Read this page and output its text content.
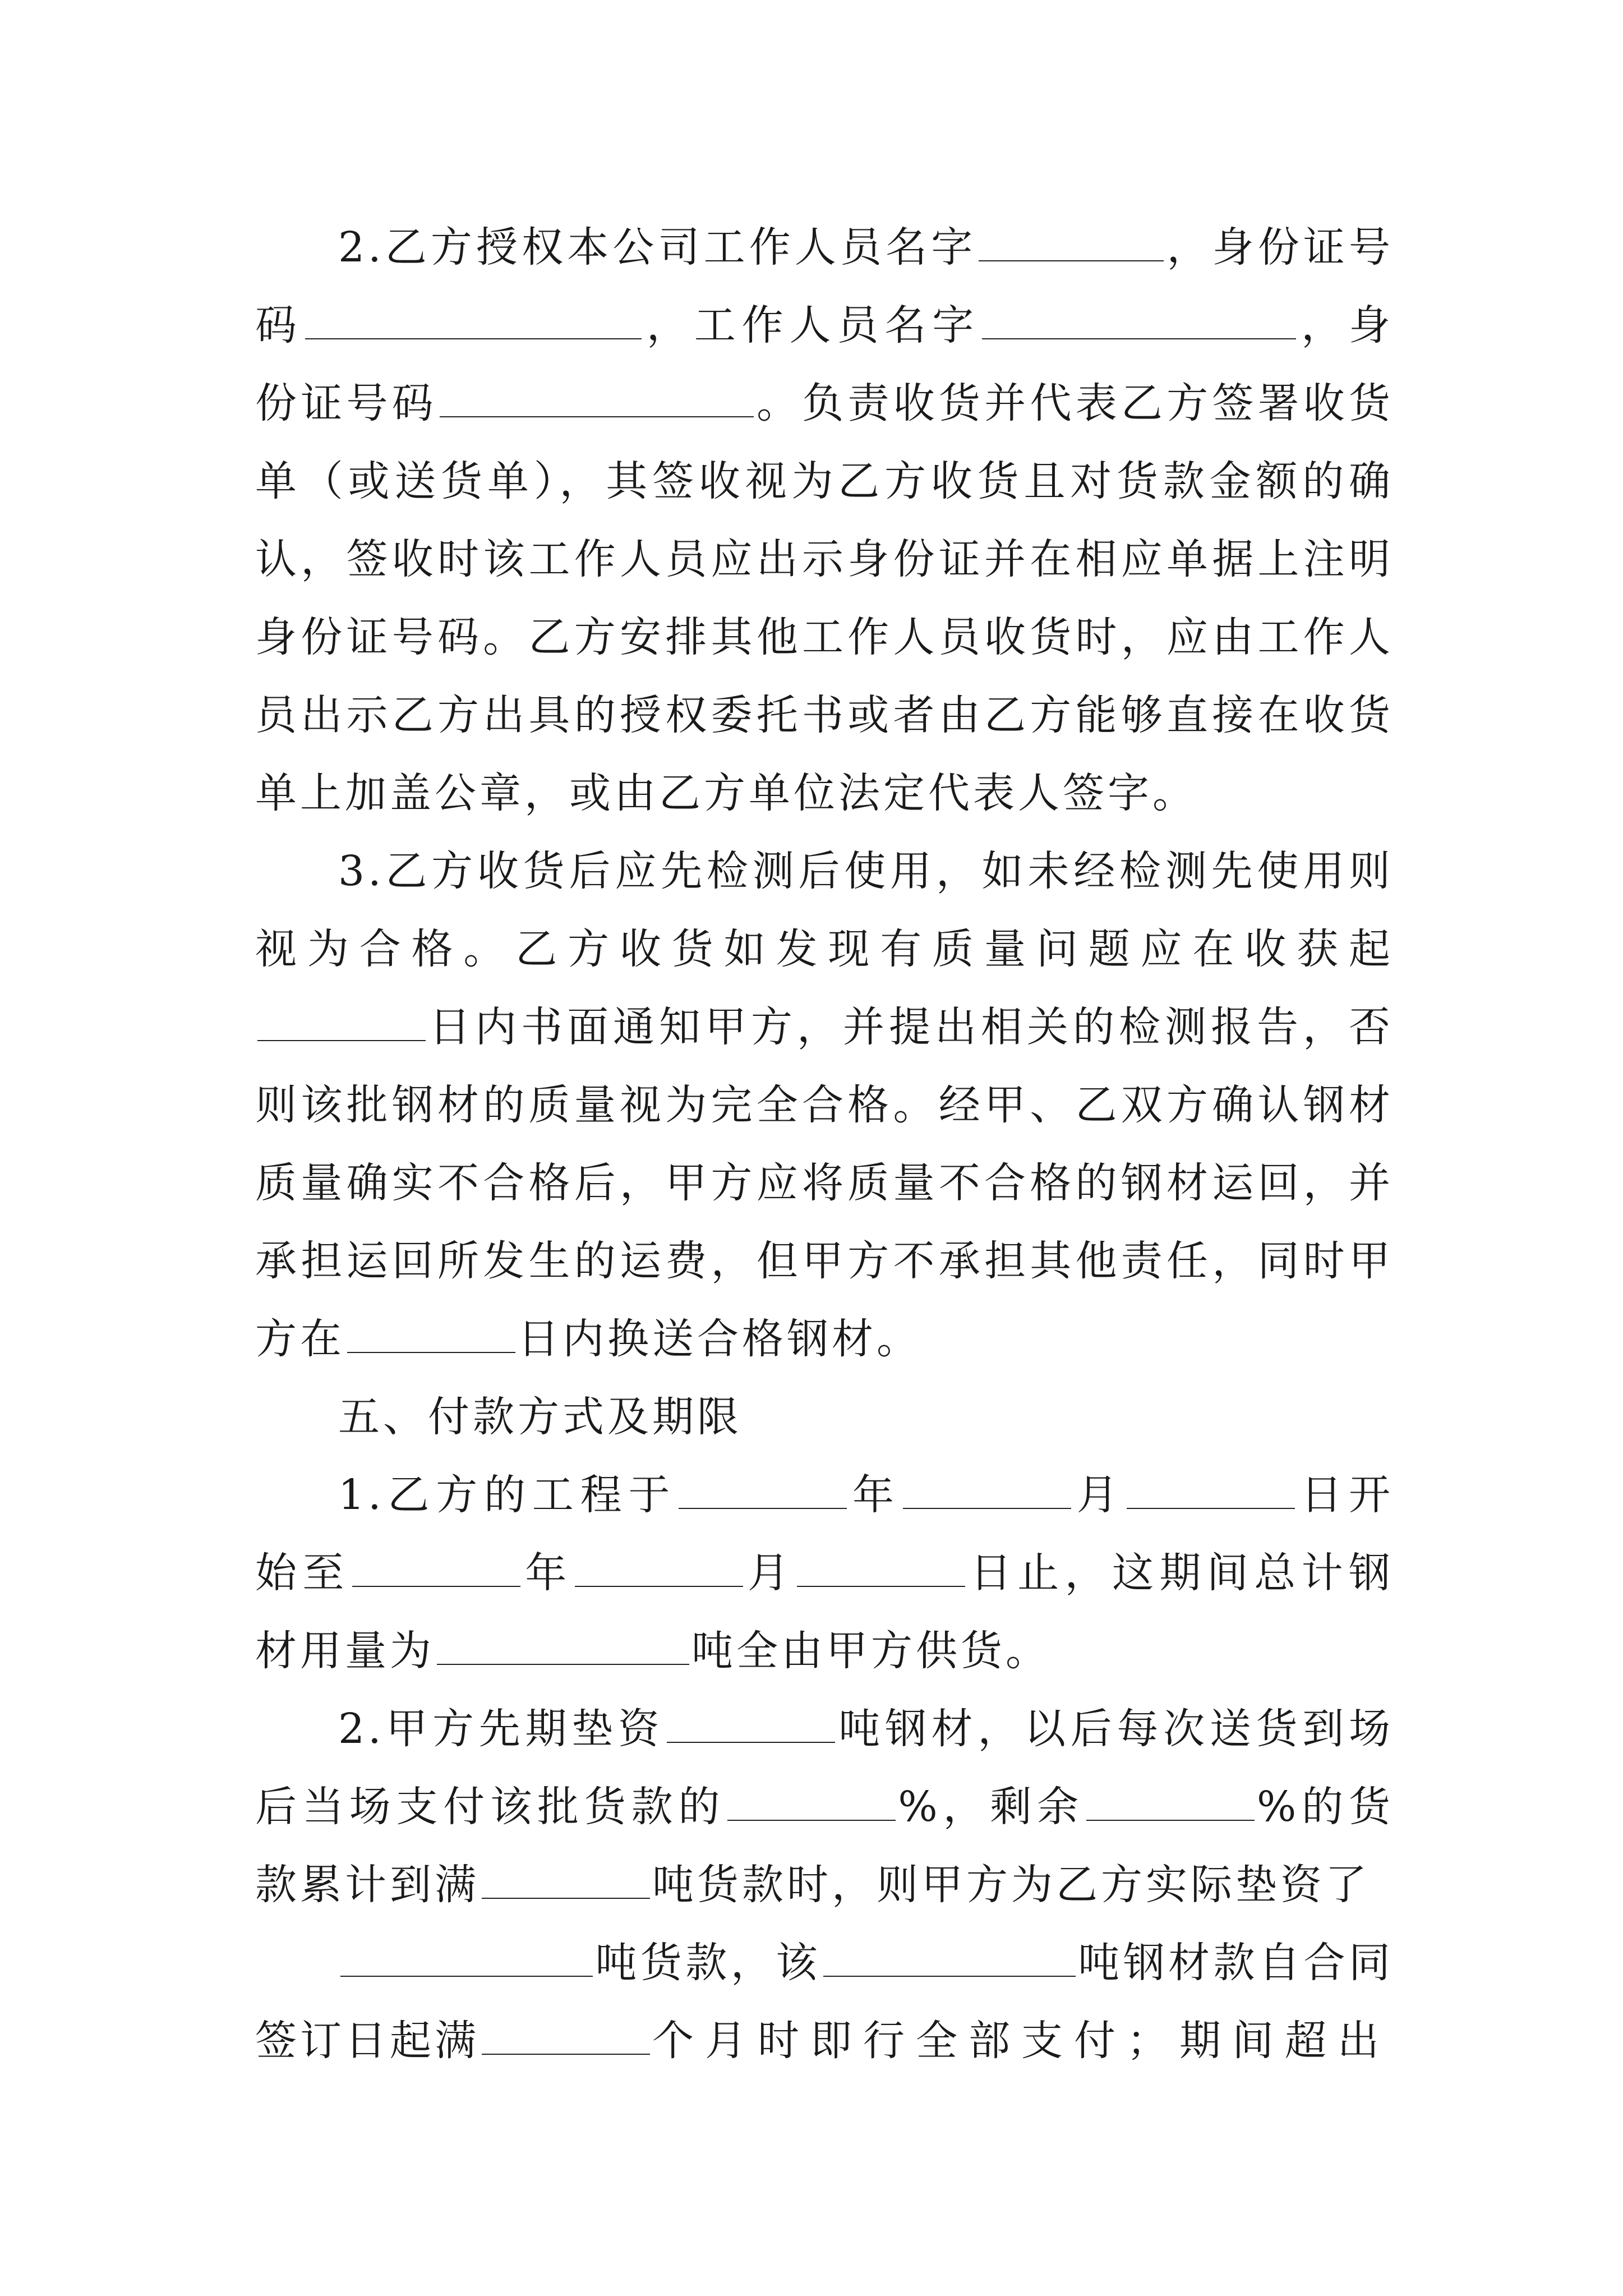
2.乙方授权本公司工作人员名字	，身份证号码	，工作人员名字	，身份证号码	。负责收货并代表乙方签署收货单（或送货单），其签收视为乙方收货且对货款金额的确认，签收时该工作人员应出示身份证并在相应单据上注明身份证号码。乙方安排其他工作人员收货时，应由工作人员出示乙方出具的授权委托书或者由乙方能够直接在收货单上加盖公章，或由乙方单位法定代表人签字。

3.乙方收货后应先检测后使用，如未经检测先使用则视为合格。乙方收货如发现有质量问题应在收获起日内书面通知甲方，并提出相关的检测报告，否则该批钢材的质量视为完全合格。经甲、乙双方确认钢材质量确实不合格后，甲方应将质量不合格的钢材运回，并承担运回所发生的运费，但甲方不承担其他责任，同时甲方在	日内换送合格钢材。

五、付款方式及期限

1.乙方的工程于	年	月	日开始至	年	月	日止，这期间总计钢材用量为	吨全由甲方供货。

2.甲方先期垫资	吨钢材，以后每次送货到场后当场支付该批货款的	%，剩余	%的货款累计到满	吨货款时，则甲方为乙方实际垫资了

吨货款，该	吨钢材款自合同签订日起满	个月时即行全部支付；期间超出
